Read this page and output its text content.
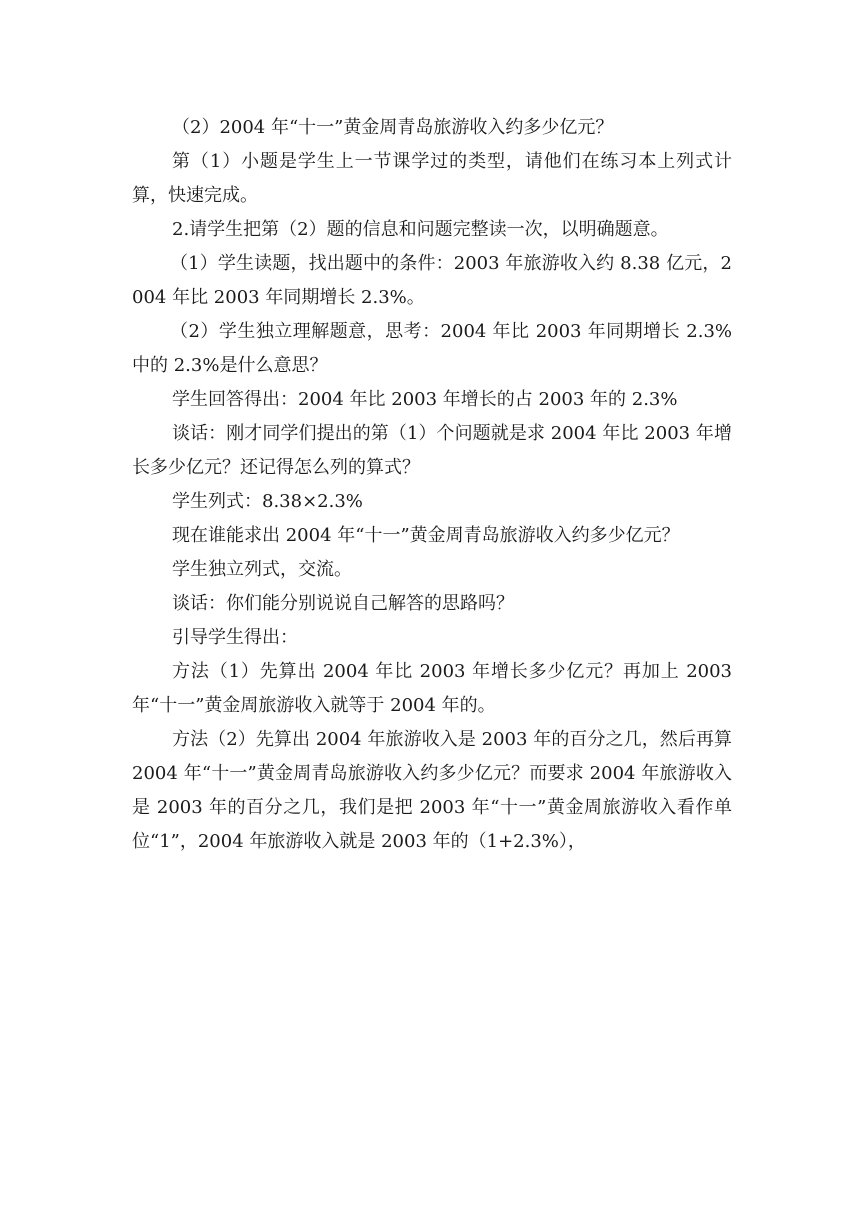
（2）2004 年“十一”黄金周青岛旅游收入约多少亿元？

第（1）小题是学生上一节课学过的类型，请他们在练习本上列式计算，快速完成。

2.请学生把第（2）题的信息和问题完整读一次，以明确题意。

（1）学生读题，找出题中的条件：2003 年旅游收入约 8.38 亿元，2004 年比 2003 年同期增长 2.3%。

（2）学生独立理解题意，思考：2004 年比 2003 年同期增长 2.3%中的 2.3%是什么意思？

学生回答得出：2004 年比 2003 年增长的占 2003 年的 2.3%

谈话：刚才同学们提出的第（1）个问题就是求 2004 年比 2003 年增长多少亿元？还记得怎么列的算式？

学生列式：8.38×2.3%

现在谁能求出 2004 年“十一”黄金周青岛旅游收入约多少亿元？

学生独立列式，交流。

谈话：你们能分别说说自己解答的思路吗？

引导学生得出：

方法（1）先算出 2004 年比 2003 年增长多少亿元？再加上 2003 年“十一”黄金周旅游收入就等于 2004 年的。

方法（2）先算出 2004 年旅游收入是 2003 年的百分之几，然后再算 2004 年“十一”黄金周青岛旅游收入约多少亿元？而要求 2004 年旅游收入是 2003 年的百分之几，我们是把 2003 年“十一”黄金周旅游收入看作单位“1”，2004 年旅游收入就是 2003 年的（1+2.3%），
